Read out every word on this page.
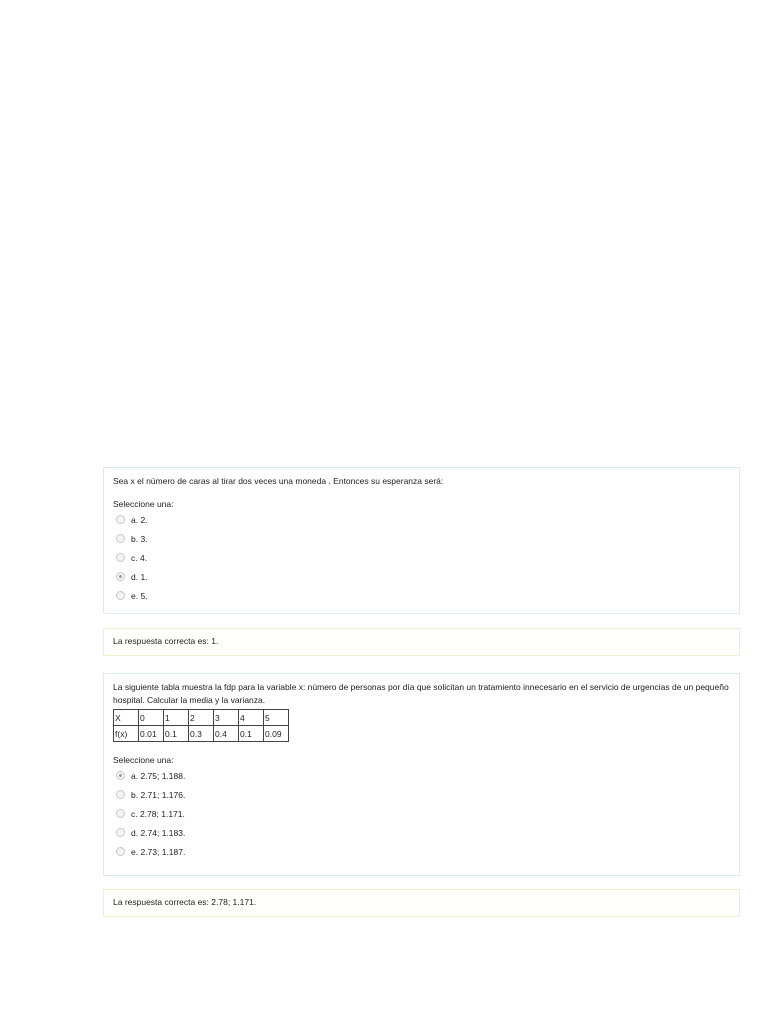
Sea x el número de caras al tirar dos veces una moneda . Entonces su esperanza será:

Seleccione una:
a. 2.
b. 3.
c. 4.
d. 1.
e. 5.
La respuesta correcta es: 1.

La siguiente tabla muestra la fdp para la variable x: número de personas por día que solicitan un tratamiento innecesario en el servicio de urgencias de un pequeño hospital. Calcular la media y la varianza.

X	0	1	2	3	4	5
f(x)	0.01	0.1	0.3	0.4	0.1	0.09
Seleccione una:
a. 2.75; 1.188.
b. 2.71; 1.176.
c. 2.78; 1.171.
d. 2.74; 1.183.
e. 2.73; 1.187.
La respuesta correcta es: 2.78; 1.171.
